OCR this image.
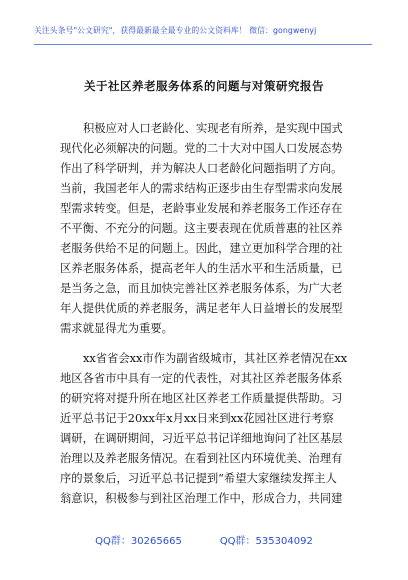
关注头条号"公文研究"，获得最新最全最专业的公文资料库！ 微信：gongwenyj
关于社区养老服务体系的问题与对策研究报告
积极应对人口老龄化、实现老有所养，是实现中国式
现代化必须解决的问题。党的二十大对中国人口发展态势
作出了科学研判，并为解决人口老龄化问题指明了方向。
当前，我国老年人的需求结构正逐步由生存型需求向发展
型需求转变。但是，老龄事业发展和养老服务工作还存在
不平衡、不充分的问题。这主要表现在优质普惠的社区养
老服务供给不足的问题上。因此，建立更加科学合理的社
区养老服务体系，提高老年人的生活水平和生活质量，已
是当务之急，而且加快完善社区养老服务体系，为广大老
年人提供优质的养老服务，满足老年人日益增长的发展型
需求就显得尤为重要。
xx省省会xx市作为副省级城市，其社区养老情况在xx
地区各省市中具有一定的代表性，对其社区养老服务体系
的研究将对提升所在地区社区养老工作质量提供帮助。习
近平总书记于20xx年x月xx日来到xx花园社区进行考察
调研，在调研期间，习近平总书记详细地询问了社区基层
治理以及养老服务情况。在看到社区内环境优美、治理有
序的景象后，习近平总书记提到“希望大家继续发挥主人
翁意识，积极参与到社区治理工作中，形成合力，共同建
QQ群：30265665	QQ群：535304092
